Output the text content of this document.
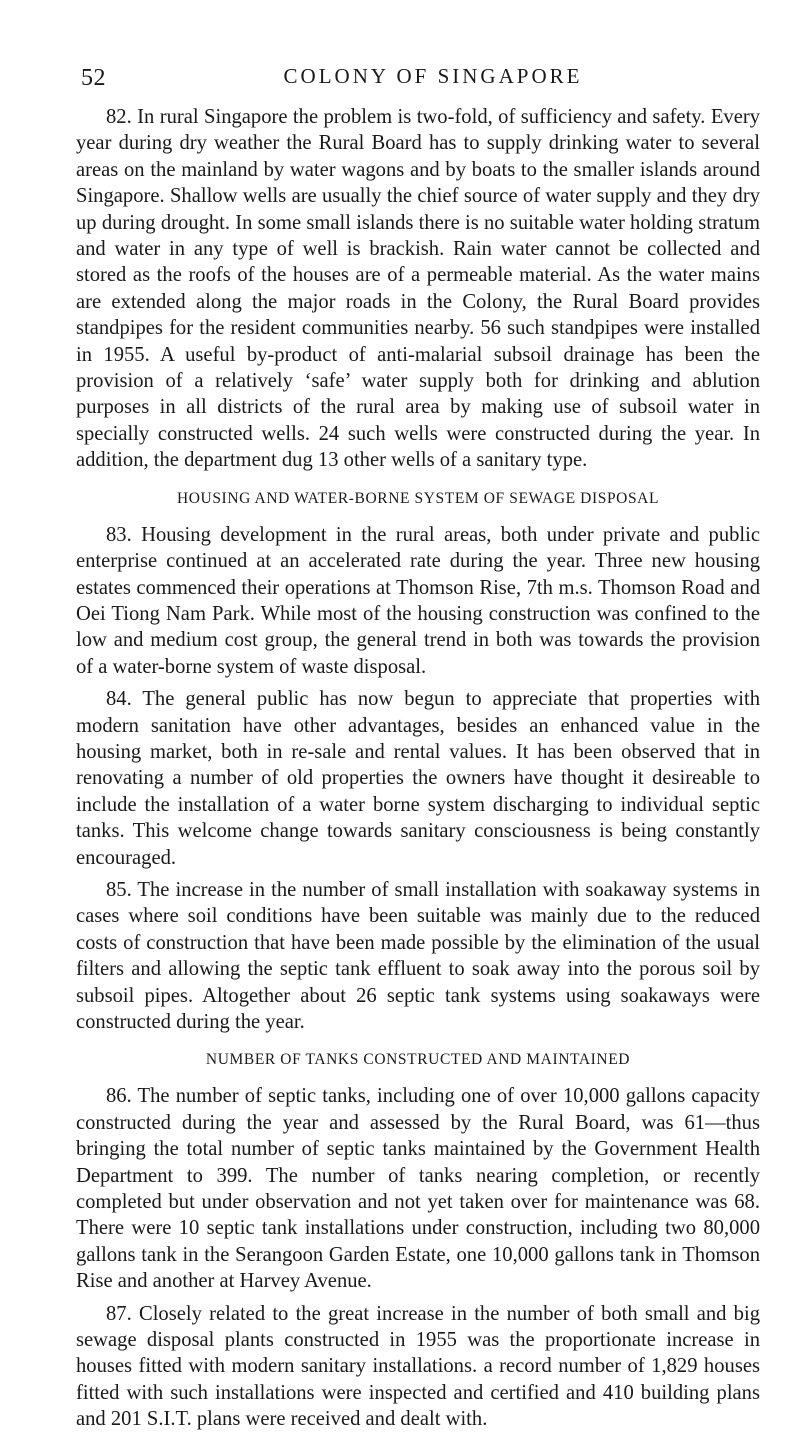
52	COLONY OF SINGAPORE

82. In rural Singapore the problem is two-fold, of sufficiency and safety. Every year during dry weather the Rural Board has to supply drinking water to several areas on the mainland by water wagons and by boats to the smaller islands around Singapore. Shallow wells are usually the chief source of water supply and they dry up during drought. In some small islands there is no suitable water holding stratum and water in any type of well is brackish. Rain water cannot be collected and stored as the roofs of the houses are of a permeable material. As the water mains are extended along the major roads in the Colony, the Rural Board provides standpipes for the resident communities nearby. 56 such standpipes were installed in 1955. A useful by-product of anti-malarial subsoil drainage has been the provision of a relatively ‘safe’ water supply both for drinking and ablution purposes in all districts of the rural area by making use of subsoil water in specially constructed wells. 24 such wells were constructed during the year. In addition, the department dug 13 other wells of a sanitary type.

HOUSING AND WATER-BORNE SYSTEM OF SEWAGE DISPOSAL

83. Housing development in the rural areas, both under private and public enterprise continued at an accelerated rate during the year. Three new housing estates commenced their operations at Thomson Rise, 7th m.s. Thomson Road and Oei Tiong Nam Park. While most of the housing construction was confined to the low and medium cost group, the general trend in both was towards the provision of a water-borne system of waste disposal.

84. The general public has now begun to appreciate that properties with modern sanitation have other advantages, besides an enhanced value in the housing market, both in re-sale and rental values. It has been observed that in renovating a number of old properties the owners have thought it desireable to include the installation of a water borne system discharging to individual septic tanks. This welcome change towards sanitary consciousness is being constantly encouraged.

85. The increase in the number of small installation with soakaway systems in cases where soil conditions have been suitable was mainly due to the reduced costs of construction that have been made possible by the elimination of the usual filters and allowing the septic tank effluent to soak away into the porous soil by subsoil pipes. Altogether about 26 septic tank systems using soakaways were constructed during the year.

NUMBER OF TANKS CONSTRUCTED AND MAINTAINED

86. The number of septic tanks, including one of over 10,000 gallons capacity constructed during the year and assessed by the Rural Board, was 61—thus bringing the total number of septic tanks maintained by the Government Health Department to 399. The number of tanks nearing completion, or recently completed but under observation and not yet taken over for maintenance was 68. There were 10 septic tank installations under construction, including two 80,000 gallons tank in the Serangoon Garden Estate, one 10,000 gallons tank in Thomson Rise and another at Harvey Avenue.

87. Closely related to the great increase in the number of both small and big sewage disposal plants constructed in 1955 was the proportionate increase in houses fitted with modern sanitary installations. a record number of 1,829 houses fitted with such installations were inspected and certified and 410 building plans and 201 S.I.T. plans were received and dealt with.
